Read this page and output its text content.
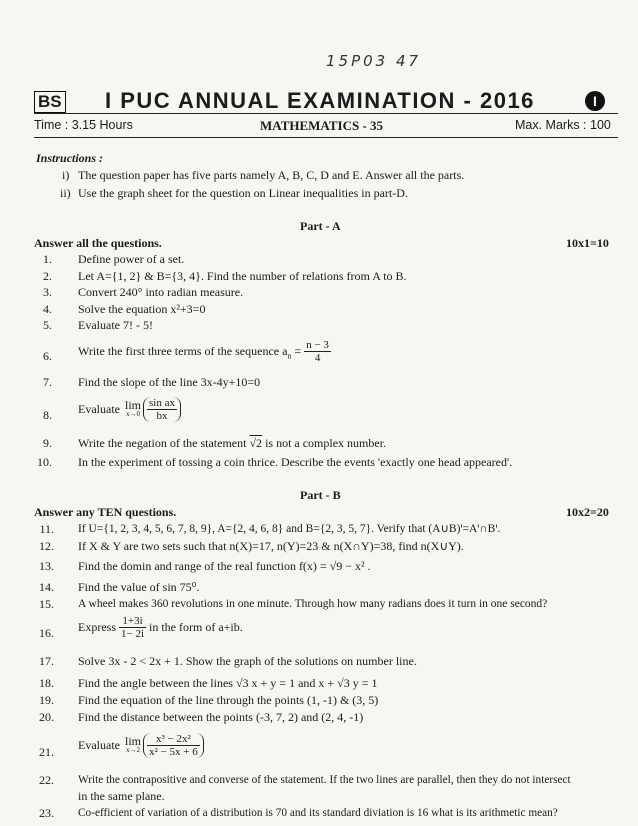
15P03 47
BS I PUC ANNUAL EXAMINATION - 2016	I
Time : 3.15 Hours	MATHEMATICS - 35	Max. Marks : 100
Instructions :
i) The question paper has five parts namely A, B, C, D and E. Answer all the parts.
ii) Use the graph sheet for the question on Linear inequalities in part-D.
Part - A
Answer all the questions.	10x1=10
1. Define power of a set.
2. Let A={1, 2} & B={3, 4}. Find the number of relations from A to B.
3. Convert 240° into radian measure.
4. Solve the equation x²+3=0
5. Evaluate 7! - 5!
6. Write the first three terms of the sequence $a_n = \frac{n - 3}{4}$
7. Find the slope of the line 3x-4y+10=0
8. Evaluate lim
$x\to 0 \frac{\text{sin ax}}{bx}$
9. Write the negation of the statement √2 is not a complex number.
10. In the experiment of tossing a coin thrice. Describe the events 'exactly one head appeared'.
Part - B
Answer any TEN questions.	10x2=20
11. If U={1, 2, 3, 4, 5, 6, 7, 8, 9}, A={2, 4, 6, 8} and B={2, 3, 5, 7}. Verify that (A∪B)ꞌ=Aꞌ∩Bꞌ.
12. If X & Y are two sets such that n(X)=17, n(Y)=23 & n(X∩Y)=38, find n(X∪Y).
13. Find the domin and range of the real function f(x) = √9 − x² .
14. Find the value of sin 75⁰.
15. A wheel makes 360 revolutions in one minute. Through how many radians does it turn in one second?
16. Express $\frac{1+3i}{1- 2i}$ in the form of a+ib.
17. Solve 3x - 2 < 2x + 1. Show the graph of the solutions on number line.
18. Find the angle between the lines √3 x + y = 1 and x + √3 y = 1
19. Find the equation of the line through the points (1, -1) & (3, 5)
20. Find the distance between the points (-3, 7, 2) and (2, 4, -1)
21. Evaluate lim
$x\to 2 \frac{\text{x³ − 2x²}}{\text{x² − 5x + 6}}$
22. Write the contrapositive and converse of the statement. If the two lines are parallel, then they do not intersect
in the same plane.
23. Co-efficient of variation of a distribution is 70 and its standard diviation is 16 what is its arithmetic mean?
